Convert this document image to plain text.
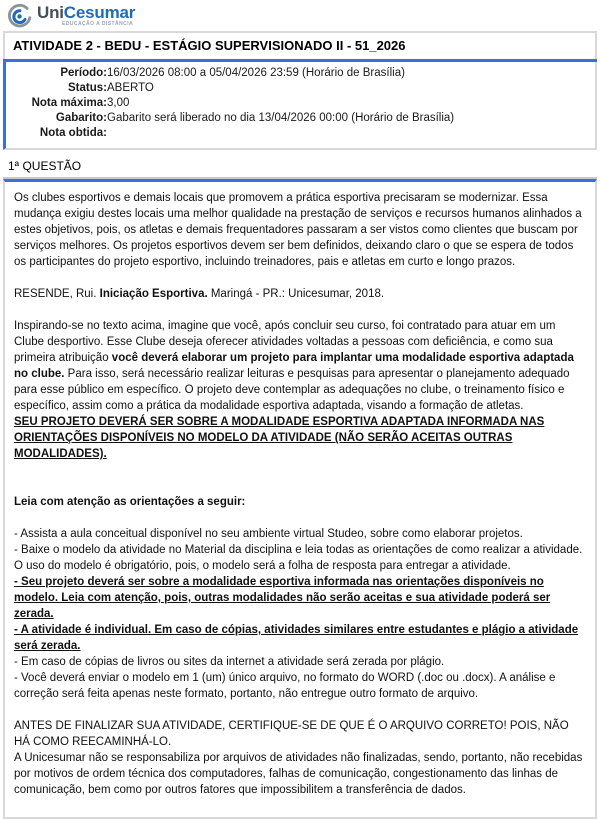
UniCesumar
EDUCAÇÃO A DISTÂNCIA
ATIVIDADE 2 - BEDU - ESTÁGIO SUPERVISIONADO II - 51_2026
Período: 16/03/2026 08:00 a 05/04/2026 23:59 (Horário de Brasília)
Status: ABERTO
Nota máxima: 3,00
Gabarito: Gabarito será liberado no dia 13/04/2026 00:00 (Horário de Brasília)
Nota obtida:
1ª QUESTÃO
Os clubes esportivos e demais locais que promovem a prática esportiva precisaram se modernizar. Essa mudança exigiu destes locais uma melhor qualidade na prestação de serviços e recursos humanos alinhados a estes objetivos, pois, os atletas e demais frequentadores passaram a ser vistos como clientes que buscam por serviços melhores. Os projetos esportivos devem ser bem definidos, deixando claro o que se espera de todos os participantes do projeto esportivo, incluindo treinadores, pais e atletas em curto e longo prazos.

RESENDE, Rui. Iniciação Esportiva. Maringá - PR.: Unicesumar, 2018.

Inspirando-se no texto acima, imagine que você, após concluir seu curso, foi contratado para atuar em um Clube desportivo. Esse Clube deseja oferecer atividades voltadas a pessoas com deficiência, e como sua primeira atribuição você deverá elaborar um projeto para implantar uma modalidade esportiva adaptada no clube. Para isso, será necessário realizar leituras e pesquisas para apresentar o planejamento adequado para esse público em específico. O projeto deve contemplar as adequações no clube, o treinamento físico e específico, assim como a prática da modalidade esportiva adaptada, visando a formação de atletas.
SEU PROJETO DEVERÁ SER SOBRE A MODALIDADE ESPORTIVA ADAPTADA INFORMADA NAS ORIENTAÇÕES DISPONÍVEIS NO MODELO DA ATIVIDADE (NÃO SERÃO ACEITAS OUTRAS MODALIDADES).

Leia com atenção as orientações a seguir:

- Assista a aula conceitual disponível no seu ambiente virtual Studeo, sobre como elaborar projetos.
- Baixe o modelo da atividade no Material da disciplina e leia todas as orientações de como realizar a atividade. O uso do modelo é obrigatório, pois, o modelo será a folha de resposta para entregar a atividade.
- Seu projeto deverá ser sobre a modalidade esportiva informada nas orientações disponíveis no modelo. Leia com atenção, pois, outras modalidades não serão aceitas e sua atividade poderá ser zerada.
- A atividade é individual. Em caso de cópias, atividades similares entre estudantes e plágio a atividade será zerada.
- Em caso de cópias de livros ou sites da internet a atividade será zerada por plágio.
- Você deverá enviar o modelo em 1 (um) único arquivo, no formato do WORD (.doc ou .docx). A análise e correção será feita apenas neste formato, portanto, não entregue outro formato de arquivo.

ANTES DE FINALIZAR SUA ATIVIDADE, CERTIFIQUE-SE DE QUE É O ARQUIVO CORRETO! POIS, NÃO HÁ COMO REECAMINHÁ-LO.
A Unicesumar não se responsabiliza por arquivos de atividades não finalizadas, sendo, portanto, não recebidas por motivos de ordem técnica dos computadores, falhas de comunicação, congestionamento das linhas de comunicação, bem como por outros fatores que impossibilitem a transferência de dados.
